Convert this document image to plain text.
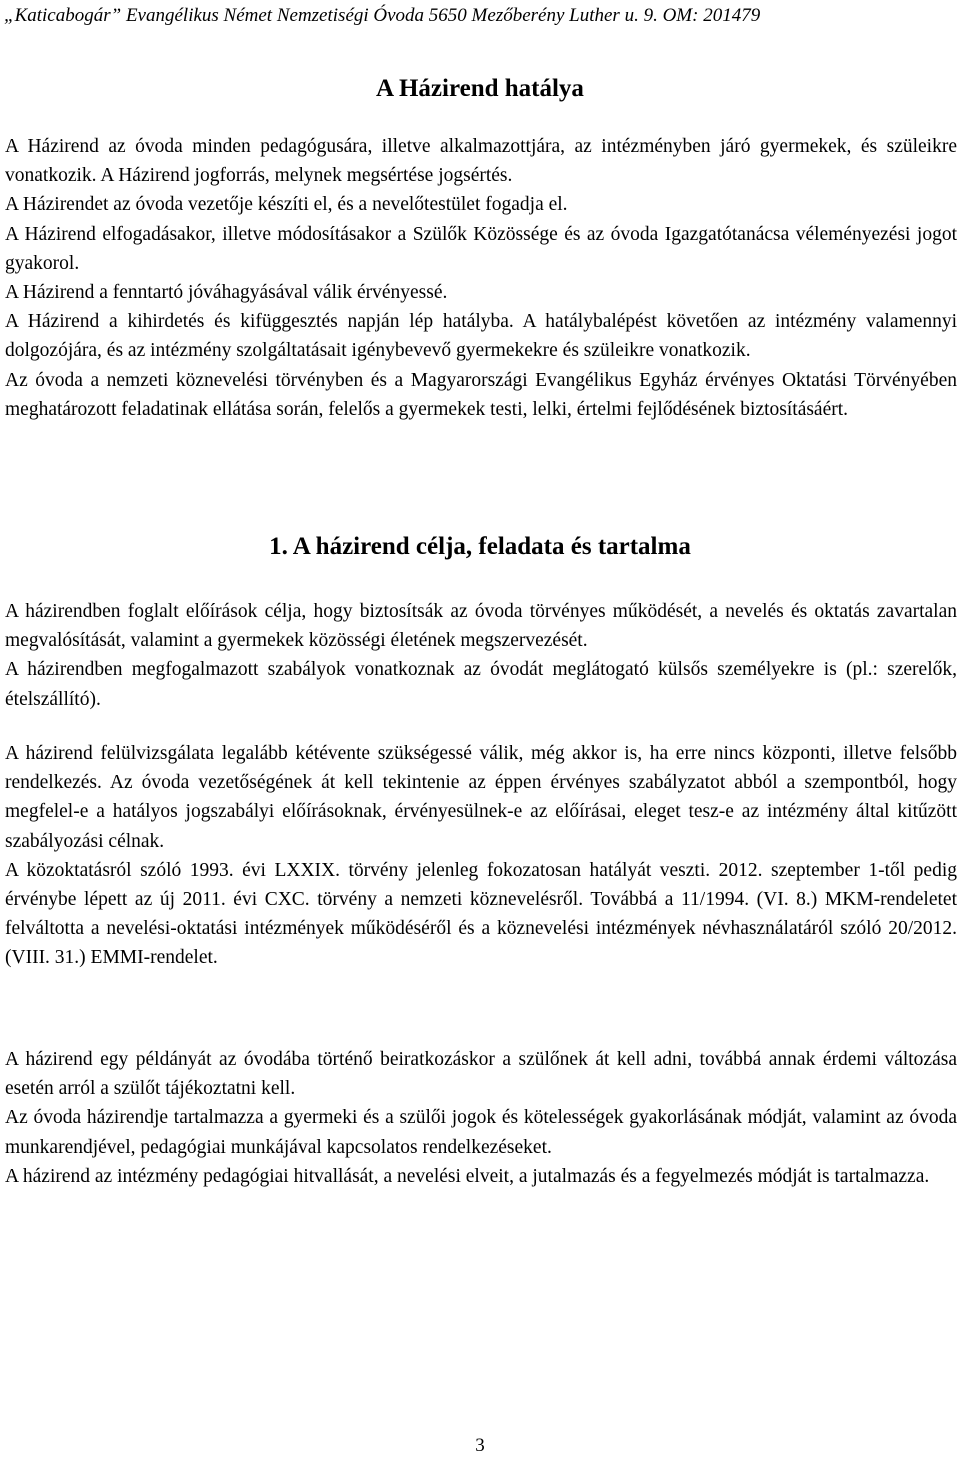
„Katicabogár” Evangélikus Német Nemzetiségi Óvoda 5650 Mezőberény Luther u. 9. OM: 201479
A Házirend hatálya

A Házirend az óvoda minden pedagógusára, illetve alkalmazottjára, az intézményben járó gyermekek, és szüleikre vonatkozik. A Házirend jogforrás, melynek megsértése jogsértés.

A Házirendet az óvoda vezetője készíti el, és a nevelőtestület fogadja el.

A Házirend elfogadásakor, illetve módosításakor a Szülők Közössége és az óvoda Igazgatótanácsa véleményezési jogot gyakorol.

A Házirend a fenntartó jóváhagyásával válik érvényessé.

A Házirend a kihirdetés és kifüggesztés napján lép hatályba. A hatálybalépést követően az intézmény valamennyi dolgozójára, és az intézmény szolgáltatásait igénybevevő gyermekekre és szüleikre vonatkozik.

Az óvoda a nemzeti köznevelési törvényben és a Magyarországi Evangélikus Egyház érvényes Oktatási Törvényében meghatározott feladatinak ellátása során, felelős a gyermekek testi, lelki, értelmi fejlődésének biztosításáért.

1. A házirend célja, feladata és tartalma

A házirendben foglalt előírások célja, hogy biztosítsák az óvoda törvényes működését, a nevelés és oktatás zavartalan megvalósítását, valamint a gyermekek közösségi életének megszervezését.

A házirendben megfogalmazott szabályok vonatkoznak az óvodát meglátogató külsős személyekre is (pl.: szerelők, ételszállító).

A házirend felülvizsgálata legalább kétévente szükségessé válik, még akkor is, ha erre nincs központi, illetve felsőbb rendelkezés. Az óvoda vezetőségének át kell tekintenie az éppen érvényes szabályzatot abból a szempontból, hogy megfelel-e a hatályos jogszabályi előírásoknak, érvényesülnek-e az előírásai, eleget tesz-e az intézmény által kitűzött szabályozási célnak.

A közoktatásról szóló 1993. évi LXXIX. törvény jelenleg fokozatosan hatályát veszti. 2012. szeptember 1-től pedig érvénybe lépett az új 2011. évi CXC. törvény a nemzeti köznevelésről. Továbbá a 11/1994. (VI. 8.) MKM-rendeletet felváltotta a nevelési-oktatási intézmények működéséről és a köznevelési intézmények névhasználatáról szóló 20/2012. (VIII. 31.) EMMI-rendelet.

A házirend egy példányát az óvodába történő beiratkozáskor a szülőnek át kell adni, továbbá annak érdemi változása esetén arról a szülőt tájékoztatni kell.

Az óvoda házirendje tartalmazza a gyermeki és a szülői jogok és kötelességek gyakorlásának módját, valamint az óvoda munkarendjével, pedagógiai munkájával kapcsolatos rendelkezéseket.

A házirend az intézmény pedagógiai hitvallását, a nevelési elveit, a jutalmazás és a fegyelmezés módját is tartalmazza.

3
